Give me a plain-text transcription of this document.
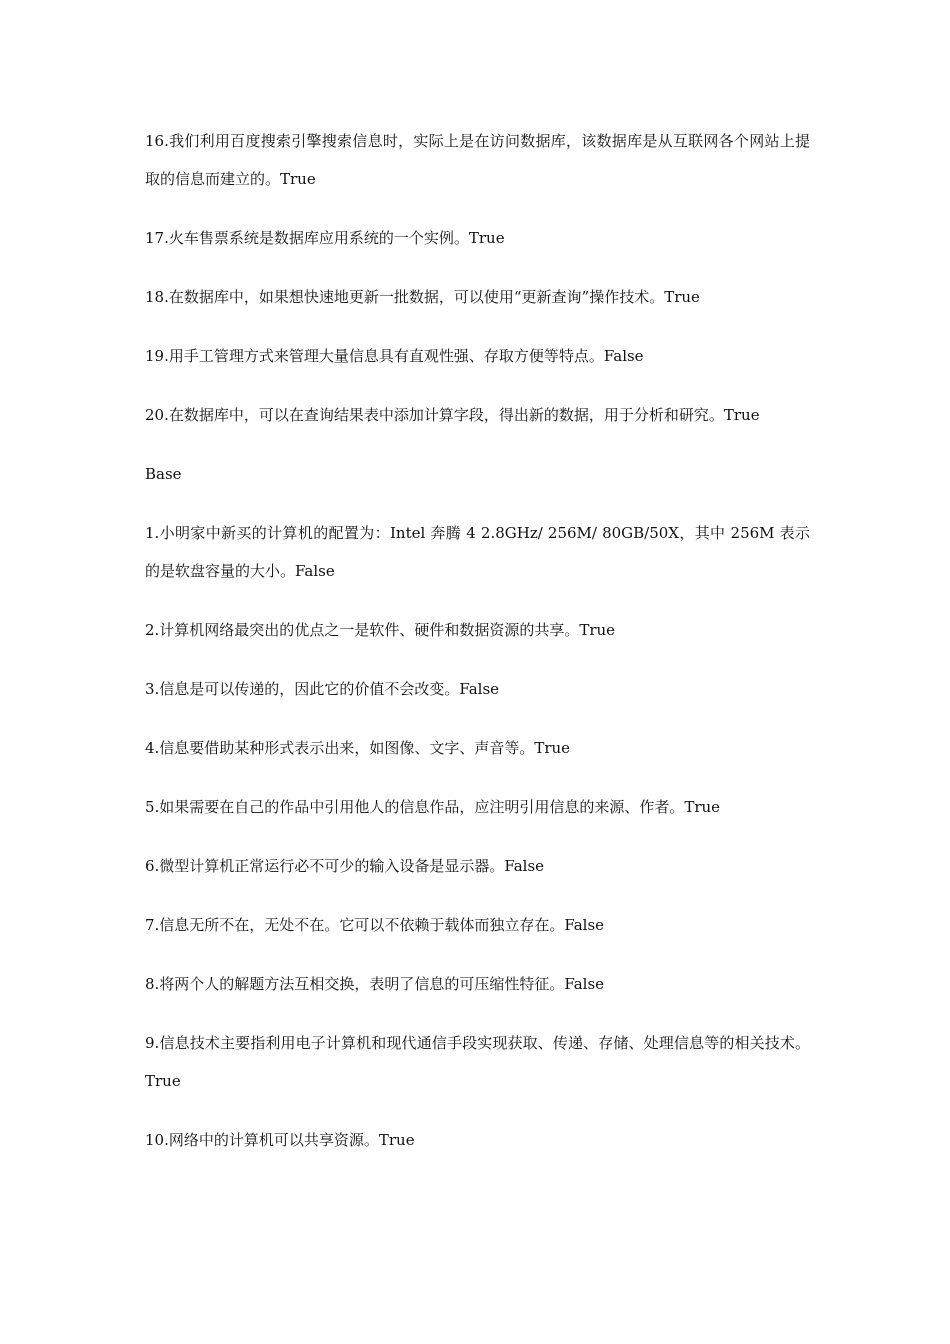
16.我们利用百度搜索引擎搜索信息时，实际上是在访问数据库，该数据库是从互联网各个网站上提取的信息而建立的。True

17.火车售票系统是数据库应用系统的一个实例。True

18.在数据库中，如果想快速地更新一批数据，可以使用“更新查询”操作技术。True

19.用手工管理方式来管理大量信息具有直观性强、存取方便等特点。False

20.在数据库中，可以在查询结果表中添加计算字段，得出新的数据，用于分析和研究。True

Base

1.小明家中新买的计算机的配置为：Intel 奔腾 4 2.8GHz/ 256M/ 80GB/50X，其中 256M 表示的是软盘容量的大小。False

2.计算机网络最突出的优点之一是软件、硬件和数据资源的共享。True

3.信息是可以传递的，因此它的价值不会改变。False

4.信息要借助某种形式表示出来，如图像、文字、声音等。True

5.如果需要在自己的作品中引用他人的信息作品，应注明引用信息的来源、作者。True

6.微型计算机正常运行必不可少的输入设备是显示器。False

7.信息无所不在，无处不在。它可以不依赖于载体而独立存在。False

8.将两个人的解题方法互相交换，表明了信息的可压缩性特征。False

9.信息技术主要指利用电子计算机和现代通信手段实现获取、传递、存储、处理信息等的相关技术。True

10.网络中的计算机可以共享资源。True
